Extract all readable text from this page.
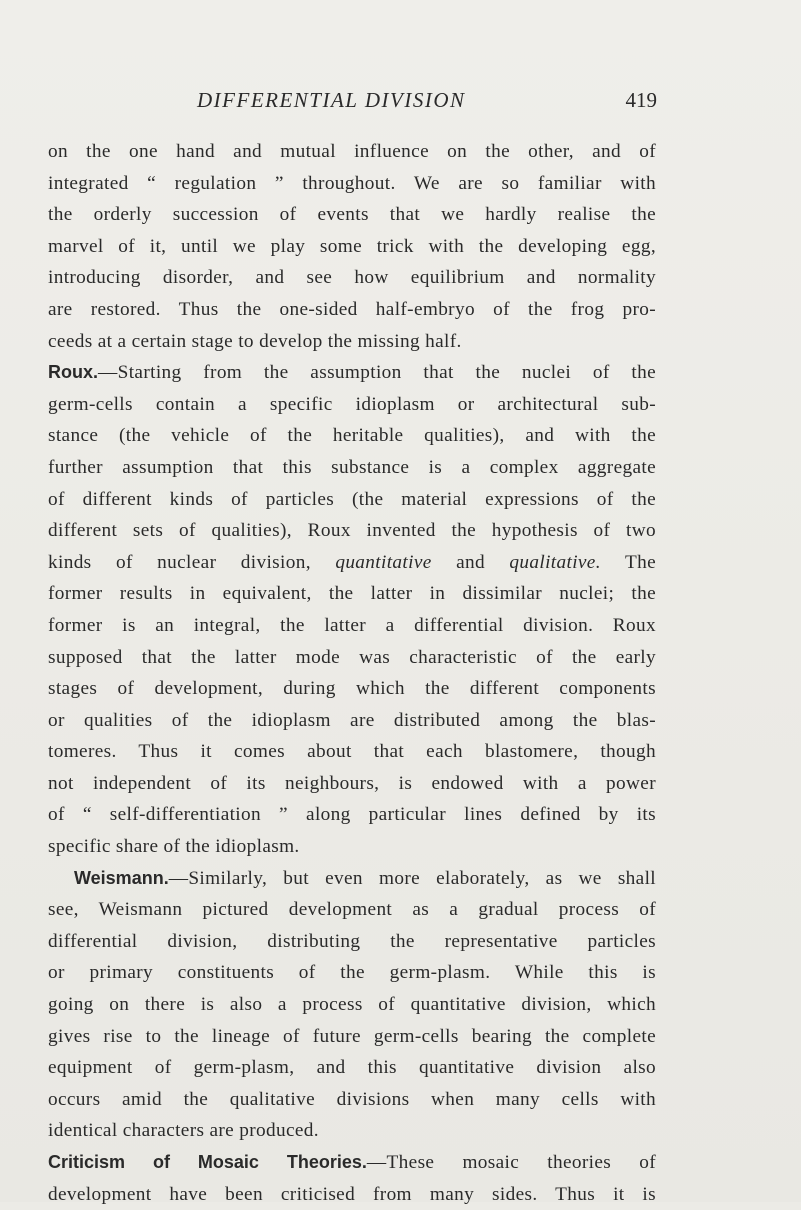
DIFFERENTIAL DIVISION	419
on the one hand and mutual influence on the other, and of
integrated “ regulation ” throughout. We are so familiar with
the orderly succession of events that we hardly realise the
marvel of it, until we play some trick with the developing egg,
introducing disorder, and see how equilibrium and normality
are restored. Thus the one-sided half-embryo of the frog pro-
ceeds at a certain stage to develop the missing half.
Roux.—Starting from the assumption that the nuclei of the
germ-cells contain a specific idioplasm or architectural sub-
stance (the vehicle of the heritable qualities), and with the
further assumption that this substance is a complex aggregate
of different kinds of particles (the material expressions of the
different sets of qualities), Roux invented the hypothesis of two
kinds of nuclear division, quantitative and qualitative. The
former results in equivalent, the latter in dissimilar nuclei; the
former is an integral, the latter a differential division. Roux
supposed that the latter mode was characteristic of the early
stages of development, during which the different components
or qualities of the idioplasm are distributed among the blas-
tomeres. Thus it comes about that each blastomere, though
not independent of its neighbours, is endowed with a power
of “ self-differentiation ” along particular lines defined by its
specific share of the idioplasm.
Weismann.—Similarly, but even more elaborately, as we shall
see, Weismann pictured development as a gradual process of
differential division, distributing the representative particles
or primary constituents of the germ-plasm. While this is
going on there is also a process of quantitative division, which
gives rise to the lineage of future germ-cells bearing the complete
equipment of germ-plasm, and this quantitative division also
occurs amid the qualitative divisions when many cells with
identical characters are produced.
Criticism of Mosaic Theories.—These mosaic theories of
development have been criticised from many sides. Thus it is
